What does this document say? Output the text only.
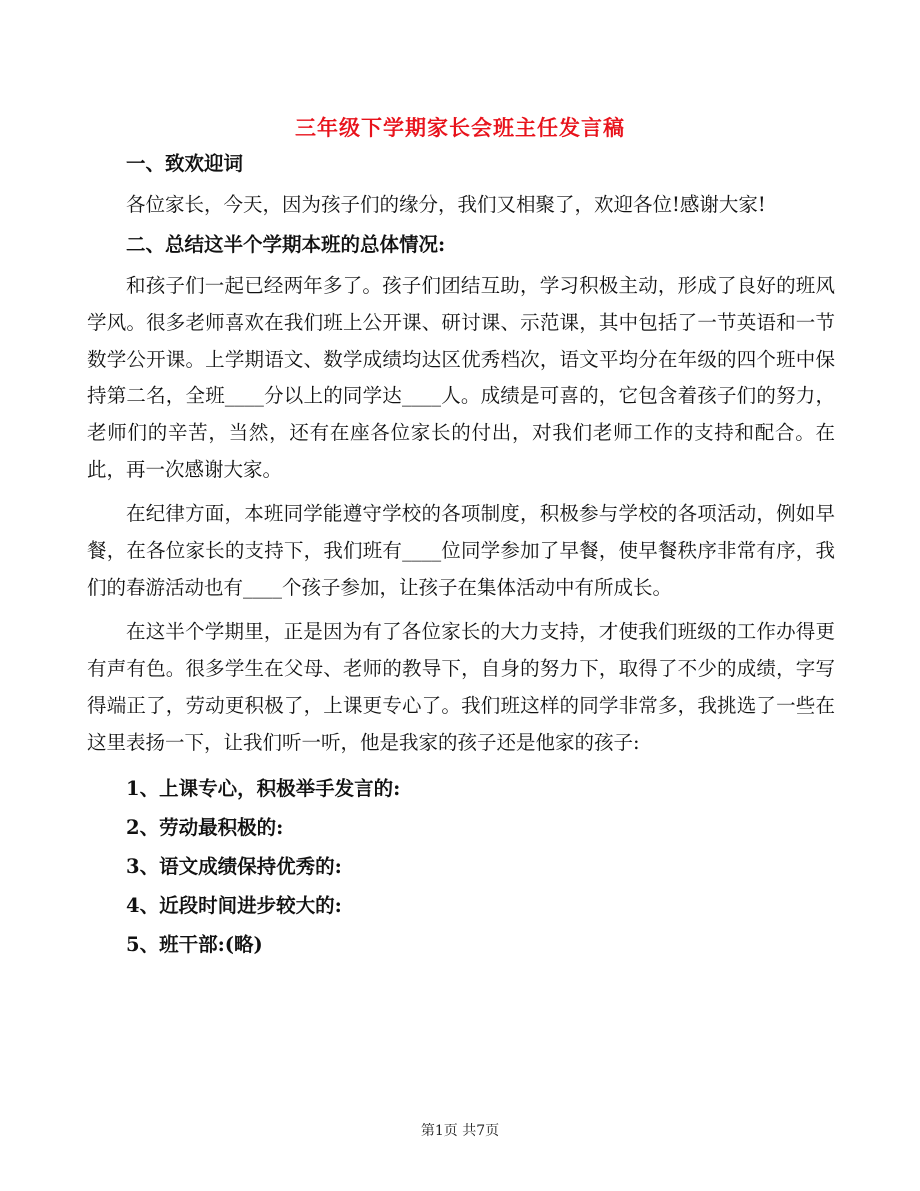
三年级下学期家长会班主任发言稿

一、致欢迎词

各位家长，今天，因为孩子们的缘分，我们又相聚了，欢迎各位!感谢大家!

二、总结这半个学期本班的总体情况:

和孩子们一起已经两年多了。孩子们团结互助，学习积极主动，形成了良好的班风学风。很多老师喜欢在我们班上公开课、研讨课、示范课，其中包括了一节英语和一节数学公开课。上学期语文、数学成绩均达区优秀档次，语文平均分在年级的四个班中保持第二名，全班____分以上的同学达____人。成绩是可喜的，它包含着孩子们的努力，老师们的辛苦，当然，还有在座各位家长的付出，对我们老师工作的支持和配合。在此，再一次感谢大家。

在纪律方面，本班同学能遵守学校的各项制度，积极参与学校的各项活动，例如早餐，在各位家长的支持下，我们班有____位同学参加了早餐，使早餐秩序非常有序，我们的春游活动也有____个孩子参加，让孩子在集体活动中有所成长。

在这半个学期里，正是因为有了各位家长的大力支持，才使我们班级的工作办得更有声有色。很多学生在父母、老师的教导下，自身的努力下，取得了不少的成绩，字写得端正了，劳动更积极了，上课更专心了。我们班这样的同学非常多，我挑选了一些在这里表扬一下，让我们听一听，他是我家的孩子还是他家的孩子:

1、上课专心，积极举手发言的:

2、劳动最积极的:

3、语文成绩保持优秀的:

4、近段时间进步较大的:

5、班干部:(略)

第1页 共7页
